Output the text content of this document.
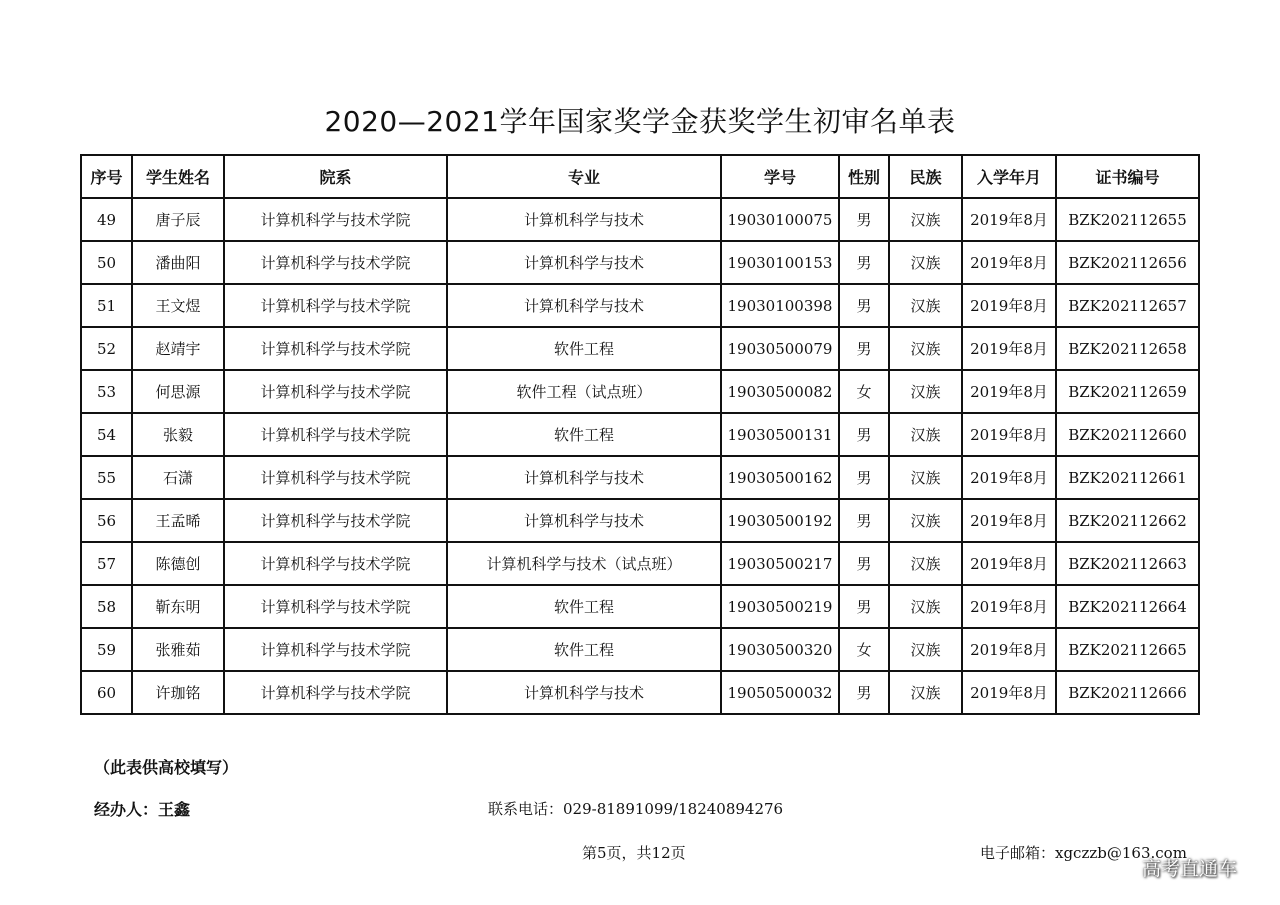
2020—2021学年国家奖学金获奖学生初审名单表
序号	学生姓名	院系	专业	学号	性别	民族	入学年月	证书编号
49	唐子辰	计算机科学与技术学院	计算机科学与技术	19030100075	男	汉族	2019年8月	BZK202112655
50	潘曲阳	计算机科学与技术学院	计算机科学与技术	19030100153	男	汉族	2019年8月	BZK202112656
51	王文煜	计算机科学与技术学院	计算机科学与技术	19030100398	男	汉族	2019年8月	BZK202112657
52	赵靖宇	计算机科学与技术学院	软件工程	19030500079	男	汉族	2019年8月	BZK202112658
53	何思源	计算机科学与技术学院	软件工程（试点班）	19030500082	女	汉族	2019年8月	BZK202112659
54	张毅	计算机科学与技术学院	软件工程	19030500131	男	汉族	2019年8月	BZK202112660
55	石潇	计算机科学与技术学院	计算机科学与技术	19030500162	男	汉族	2019年8月	BZK202112661
56	王孟晞	计算机科学与技术学院	计算机科学与技术	19030500192	男	汉族	2019年8月	BZK202112662
57	陈德创	计算机科学与技术学院	计算机科学与技术（试点班）	19030500217	男	汉族	2019年8月	BZK202112663
58	靳东明	计算机科学与技术学院	软件工程	19030500219	男	汉族	2019年8月	BZK202112664
59	张雅茹	计算机科学与技术学院	软件工程	19030500320	女	汉族	2019年8月	BZK202112665
60	许珈铭	计算机科学与技术学院	计算机科学与技术	19050500032	男	汉族	2019年8月	BZK202112666
（此表供高校填写）
经办人：王鑫	联系电话：029-81891099/18240894276
第5页，共12页	电子邮箱：xgczzb@163.com
高考直通车
